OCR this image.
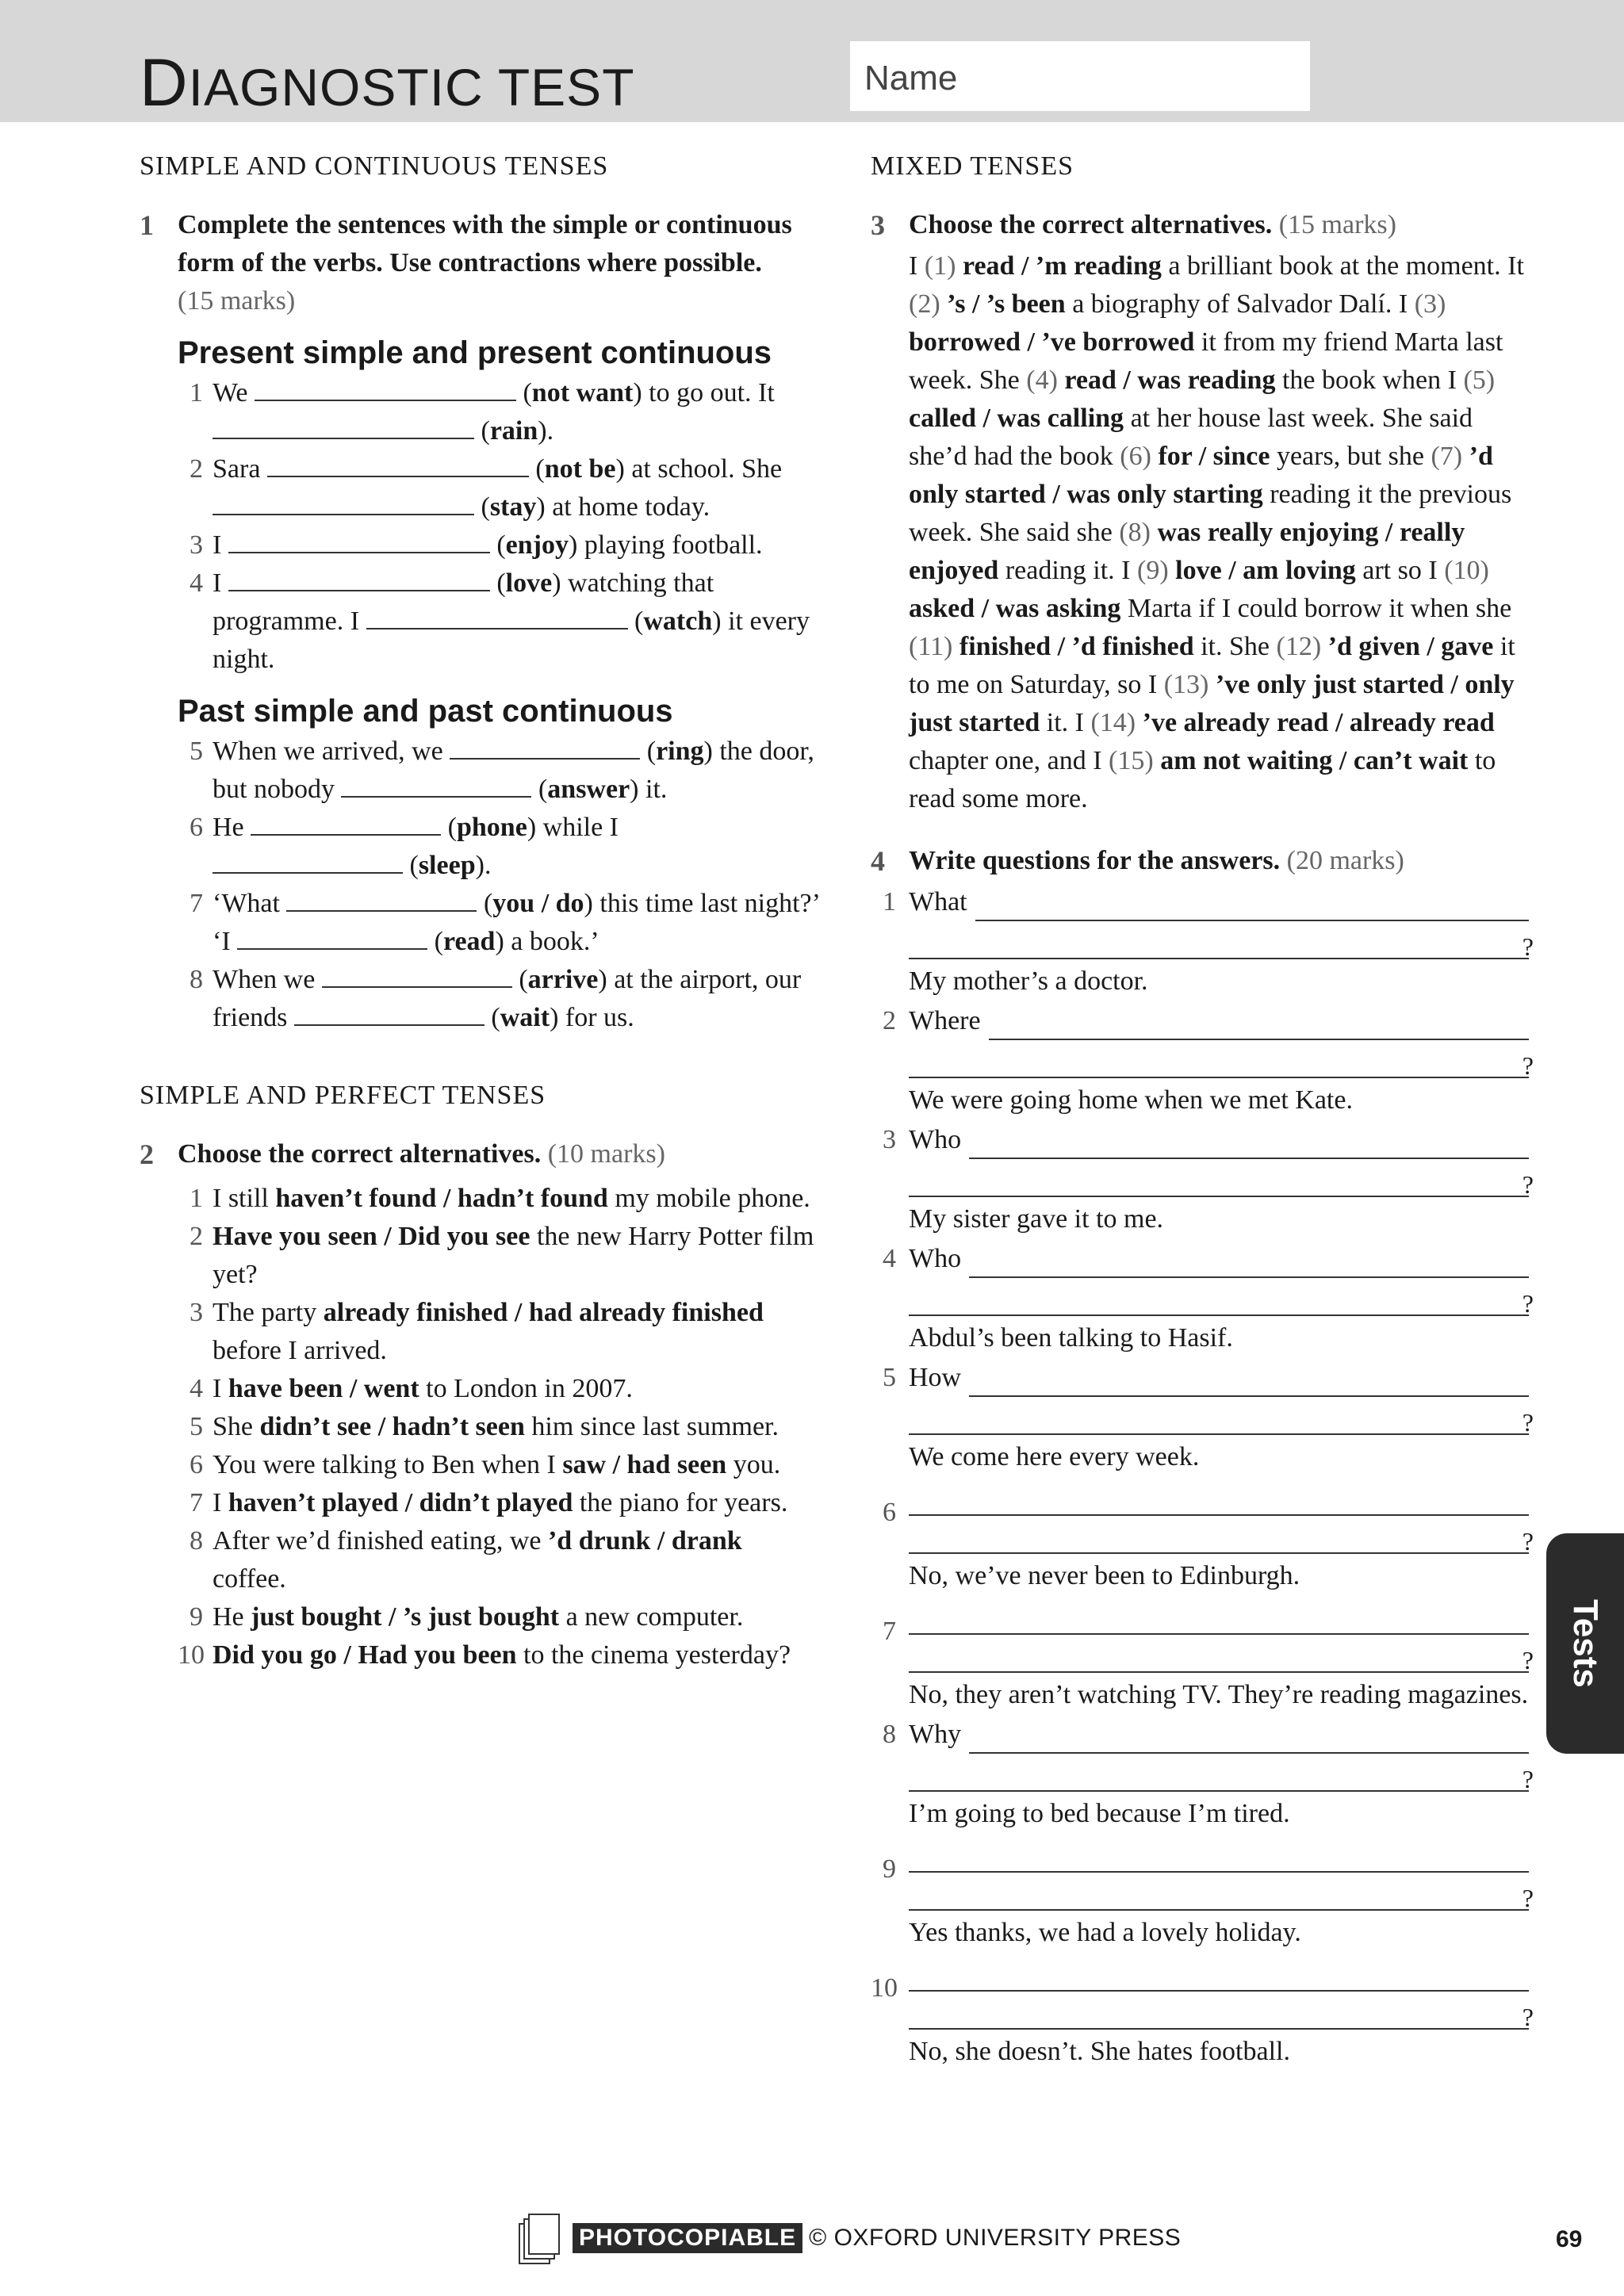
DIAGNOSTIC TEST	Name
SIMPLE AND CONTINUOUS TENSES
1 Complete the sentences with the simple or continuous form of the verbs. Use contractions where possible.
(15 marks)
Present simple and present continuous
1 We	(not want) to go out. It
(rain).
2 Sara	(not be) at school. She
(stay) at home today.
3 I	(enjoy) playing football.
4 I	(love) watching that programme. I	(watch) it every night.
Past simple and past continuous
5 When we arrived, we	(ring) the door, but nobody	(answer) it.
6 He	(phone) while I
(sleep).
7 ‘What	(you / do) this time last night?’ ‘I	(read) a book.’
8 When we	(arrive) at the airport, our friends	(wait) for us.
SIMPLE AND PERFECT TENSES
2 Choose the correct alternatives. (10 marks)
1 I still haven’t found / hadn’t found my mobile phone.
2 Have you seen / Did you see the new Harry Potter film yet?
3 The party already finished / had already finished before I arrived.
4 I have been / went to London in 2007.
5 She didn’t see / hadn’t seen him since last summer.
6 You were talking to Ben when I saw / had seen you.
7 I haven’t played / didn’t played the piano for years.
8 After we’d finished eating, we ’d drunk / drank coffee.
9 He just bought / ’s just bought a new computer.
10 Did you go / Had you been to the cinema yesterday?
MIXED TENSES
3 Choose the correct alternatives. (15 marks)
I (1) read / ’m reading a brilliant book at the moment. It (2) ’s / ’s been a biography of Salvador Dalí. I (3) borrowed / ’ve borrowed it from my friend Marta last week. She (4) read / was reading the book when I (5) called / was calling at her house last week. She said she’d had the book (6) for / since years, but she (7) ’d only started / was only starting reading it the previous week. She said she (8) was really enjoying / really enjoyed reading it. I (9) love / am loving art so I (10) asked / was asking Marta if I could borrow it when she (11) finished / ’d finished it. She (12) ’d given / gave it to me on Saturday, so I (13) ’ve only just started / only just started it. I (14) ’ve already read / already read chapter one, and I (15) am not waiting / can’t wait to read some more.
4 Write questions for the answers. (20 marks)
1 What
?
My mother’s a doctor.
2 Where
?
We were going home when we met Kate.
3 Who
?
My sister gave it to me.
4 Who
?
Abdul’s been talking to Hasif.
5 How
?
We come here every week.
6
?
No, we’ve never been to Edinburgh.
7
?
No, they aren’t watching TV. They’re reading magazines.
8 Why
?
I’m going to bed because I’m tired.
9
?
Yes thanks, we had a lovely holiday.
10
?
No, she doesn’t. She hates football.
Tests
PHOTOCOPIABLE © OXFORD UNIVERSITY PRESS	69
